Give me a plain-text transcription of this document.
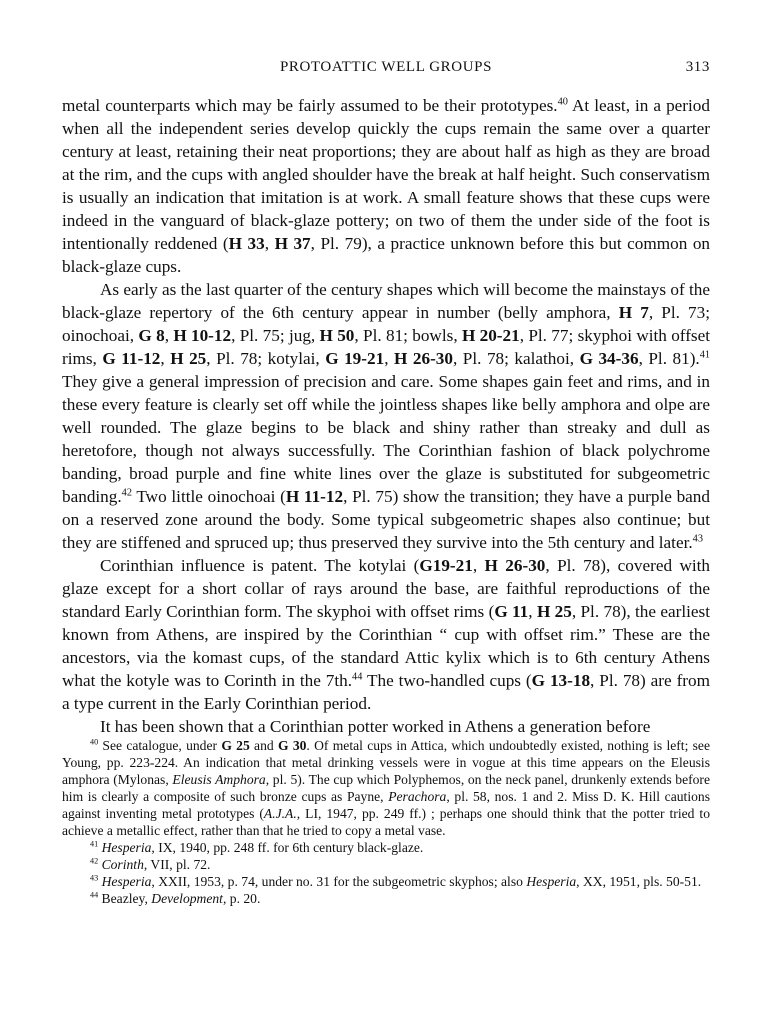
PROTOATTIC WELL GROUPS	313

metal counterparts which may be fairly assumed to be their prototypes.$^{40}$ At least, in a period when all the independent series develop quickly the cups remain the same over a quarter century at least, retaining their neat proportions; they are about half as high as they are broad at the rim, and the cups with angled shoulder have the break at half height. Such conservatism is usually an indication that imitation is at work. A small feature shows that these cups were indeed in the vanguard of black-glaze pottery; on two of them the under side of the foot is intentionally reddened (H 33, H 37, Pl. 79), a practice unknown before this but common on black-glaze cups.

As early as the last quarter of the century shapes which will become the mainstays of the black-glaze repertory of the 6th century appear in number (belly amphora, H 7, Pl. 73; oinochoai, G 8, H 10-12, Pl. 75; jug, H 50, Pl. 81; bowls, H 20-21, Pl. 77; skyphoi with offset rims, G 11-12, H 25, Pl. 78; kotylai, G 19-21, H 26-30, Pl. 78; kalathoi, G 34-36, Pl. 81).$^{41}$ They give a general impression of precision and care. Some shapes gain feet and rims, and in these every feature is clearly set off while the jointless shapes like belly amphora and olpe are well rounded. The glaze begins to be black and shiny rather than streaky and dull as heretofore, though not always successfully. The Corinthian fashion of black polychrome banding, broad purple and fine white lines over the glaze is substituted for subgeometric banding.$^{42}$ Two little oinochoai (H 11-12, Pl. 75) show the transition; they have a purple band on a reserved zone around the body. Some typical subgeometric shapes also continue; but they are stiffened and spruced up; thus preserved they survive into the 5th century and later.$^{43}$

Corinthian influence is patent. The kotylai (G19-21, H 26-30, Pl. 78), covered with glaze except for a short collar of rays around the base, are faithful reproductions of the standard Early Corinthian form. The skyphoi with offset rims (G 11, H 25, Pl. 78), the earliest known from Athens, are inspired by the Corinthian “ cup with offset rim.” These are the ancestors, via the komast cups, of the standard Attic kylix which is to 6th century Athens what the kotyle was to Corinth in the 7th.$^{44}$ The two-handled cups (G 13-18, Pl. 78) are from a type current in the Early Corinthian period.

It has been shown that a Corinthian potter worked in Athens a generation before

$^{40}$ See catalogue, under G 25 and G 30. Of metal cups in Attica, which undoubtedly existed, nothing is left; see Young, pp. 223-224. An indication that metal drinking vessels were in vogue at this time appears on the Eleusis amphora (Mylonas, Eleusis Amphora, pl. 5). The cup which Polyphemos, on the neck panel, drunkenly extends before him is clearly a composite of such bronze cups as Payne, Perachora, pl. 58, nos. 1 and 2. Miss D. K. Hill cautions against inventing metal prototypes (A.J.A., LI, 1947, pp. 249 ff.) ; perhaps one should think that the potter tried to achieve a metallic effect, rather than that he tried to copy a metal vase.

$^{41}$ Hesperia, IX, 1940, pp. 248 ff. for 6th century black-glaze.

$^{42}$ Corinth, VII, pl. 72.

$^{43}$ Hesperia, XXII, 1953, p. 74, under no. 31 for the subgeometric skyphos; also Hesperia, XX, 1951, pls. 50-51.

$^{44}$ Beazley, Development, p. 20.
